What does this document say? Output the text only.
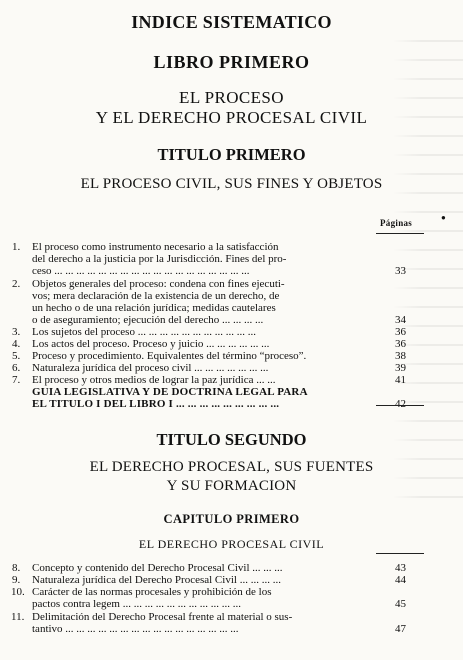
INDICE SISTEMATICO
LIBRO PRIMERO
EL PROCESO
Y EL DERECHO PROCESAL CIVIL
TITULO PRIMERO
EL PROCESO CIVIL, SUS FINES Y OBJETOS
Páginas
●
1.	El proceso como instrumento necesario a la satisfacción
del derecho a la justicia por la Jurisdicción. Fines del pro-
ceso ... ... ... ... ... ... ... ... ... ... ... ... ... ... ... ... ... ...	33
2.	Objetos generales del proceso: condena con fines ejecuti-
vos; mera declaración de la existencia de un derecho, de
un hecho o de una relación jurídica; medidas cautelares
o de aseguramiento; ejecución del derecho ... ... ... ...	34
3.	Los sujetos del proceso ... ... ... ... ... ... ... ... ... ... ...	36
4.	Los actos del proceso. Proceso y juicio ... ... ... ... ... ...	36
5.	Proceso y procedimiento. Equivalentes del término “proceso”.	38
6.	Naturaleza jurídica del proceso civil ... ... ... ... ... ... ...	39
7.	El proceso y otros medios de lograr la paz jurídica ... ...	41
GUIA LEGISLATIVA Y DE DOCTRINA LEGAL PARA
EL TITULO I DEL LIBRO I ... ... ... ... ... ... ... ... ...	42
TITULO SEGUNDO
EL DERECHO PROCESAL, SUS FUENTES
Y SU FORMACION
CAPITULO PRIMERO
EL DERECHO PROCESAL CIVIL
8.	Concepto y contenido del Derecho Procesal Civil ... ... ...	43
9.	Naturaleza jurídica del Derecho Procesal Civil ... ... ... ...	44
10. Carácter de las normas procesales y prohibición de los
pactos contra legem ... ... ... ... ... ... ... ... ... ... ...	45
11. Delimitación del Derecho Procesal frente al material o sus-
tantivo ... ... ... ... ... ... ... ... ... ... ... ... ... ... ... ...	47
